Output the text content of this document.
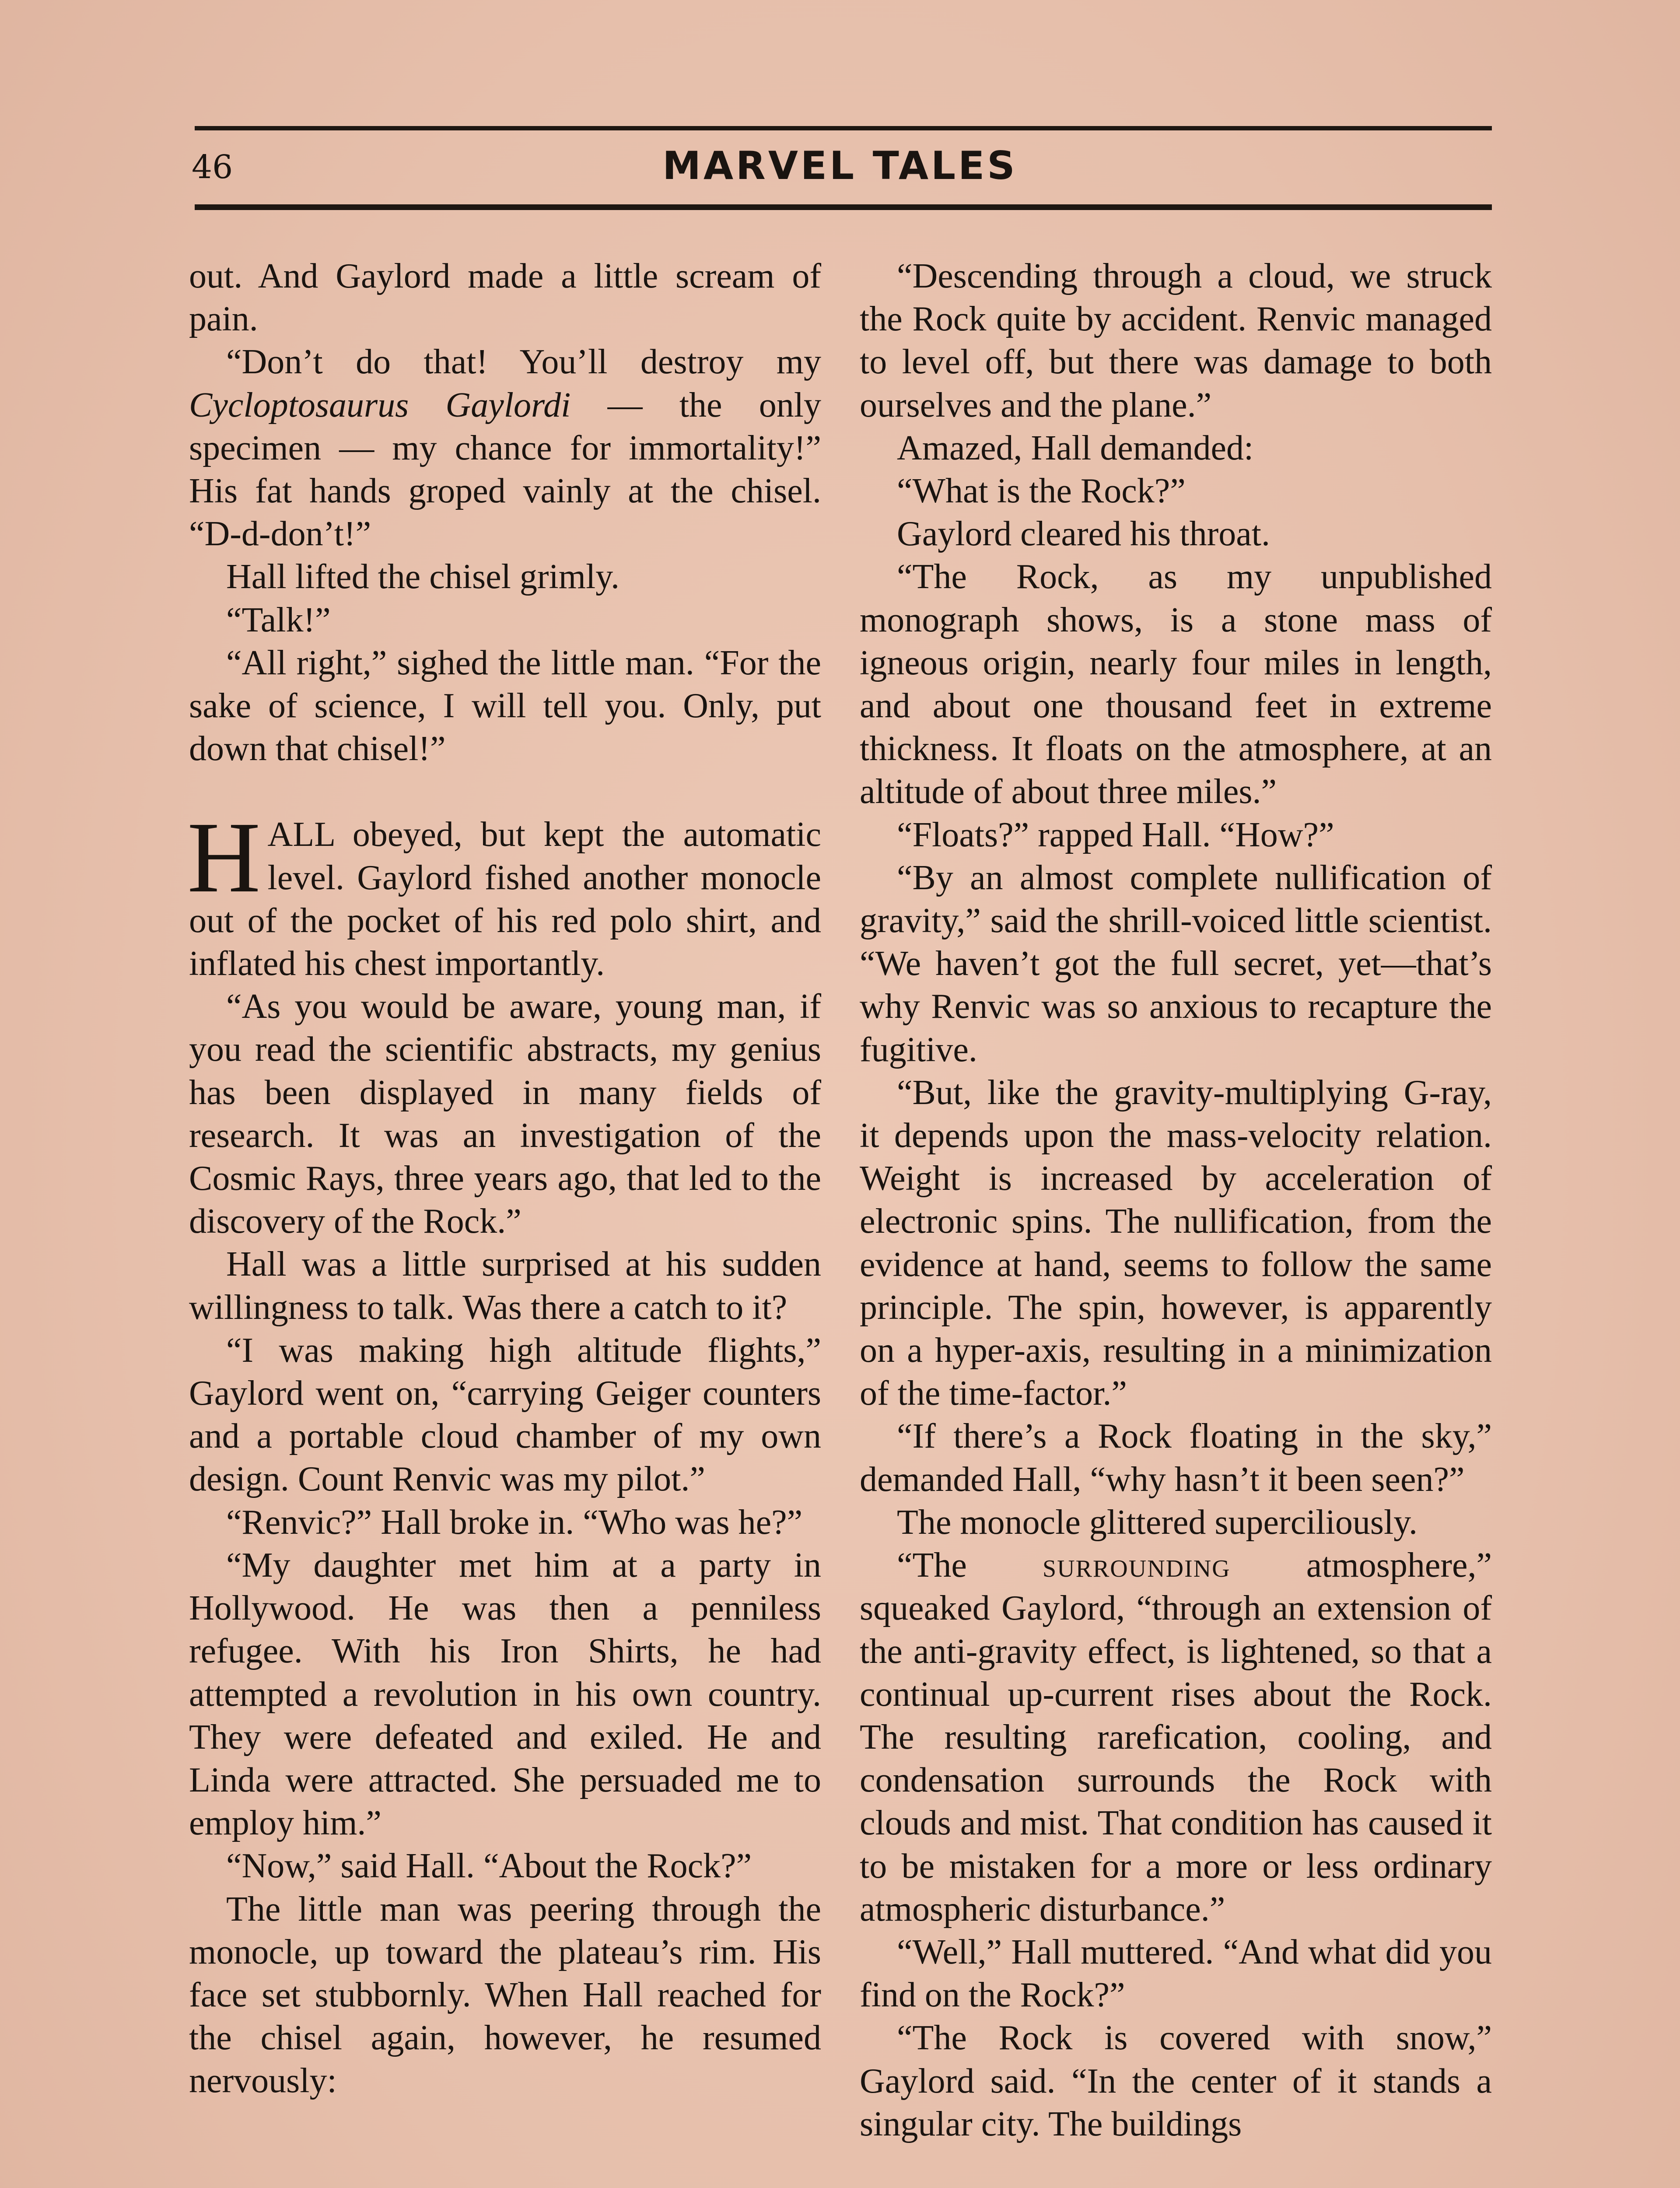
46	MARVEL TALES

out. And Gaylord made a little scream of pain.

“Don’t do that! You’ll destroy my Cycloptosaurus Gaylordi — the only specimen — my chance for immortality!” His fat hands groped vainly at the chisel. “D-d-don’t!”

Hall lifted the chisel grimly.

“Talk!”

“All right,” sighed the little man. “For the sake of science, I will tell you. Only, put down that chisel!”

HALL obeyed, but kept the automatic level. Gaylord fished another monocle out of the pocket of his red polo shirt, and inflated his chest importantly.

“As you would be aware, young man, if you read the scientific abstracts, my genius has been displayed in many fields of research. It was an investigation of the Cosmic Rays, three years ago, that led to the discovery of the Rock.”

Hall was a little surprised at his sudden willingness to talk. Was there a catch to it?

“I was making high altitude flights,” Gaylord went on, “carrying Geiger counters and a portable cloud chamber of my own design. Count Renvic was my pilot.”

“Renvic?” Hall broke in. “Who was he?”

“My daughter met him at a party in Hollywood. He was then a penniless refugee. With his Iron Shirts, he had attempted a revolution in his own country. They were defeated and exiled. He and Linda were attracted. She persuaded me to employ him.”

“Now,” said Hall. “About the Rock?”

The little man was peering through the monocle, up toward the plateau’s rim. His face set stubbornly. When Hall reached for the chisel again, however, he resumed nervously:

“Descending through a cloud, we struck the Rock quite by accident. Renvic managed to level off, but there was damage to both ourselves and the plane.”

Amazed, Hall demanded:

“What is the Rock?”

Gaylord cleared his throat.

“The Rock, as my unpublished monograph shows, is a stone mass of igneous origin, nearly four miles in length, and about one thousand feet in extreme thickness. It floats on the atmosphere, at an altitude of about three miles.”

“Floats?” rapped Hall. “How?”

“By an almost complete nullification of gravity,” said the shrill-voiced little scientist. “We haven’t got the full secret, yet—that’s why Renvic was so anxious to recapture the fugitive.

“But, like the gravity-multiplying G-ray, it depends upon the mass-velocity relation. Weight is increased by acceleration of electronic spins. The nullification, from the evidence at hand, seems to follow the same principle. The spin, however, is apparently on a hyper-axis, resulting in a minimization of the time-factor.”

“If there’s a Rock floating in the sky,” demanded Hall, “why hasn’t it been seen?”

The monocle glittered superciliously.

“The surrounding atmosphere,” squeaked Gaylord, “through an extension of the anti-gravity effect, is lightened, so that a continual up-current rises about the Rock. The resulting rarefication, cooling, and condensation surrounds the Rock with clouds and mist. That condition has caused it to be mistaken for a more or less ordinary atmospheric disturbance.”

“Well,” Hall muttered. “And what did you find on the Rock?”

“The Rock is covered with snow,” Gaylord said. “In the center of it stands a singular city. The buildings
